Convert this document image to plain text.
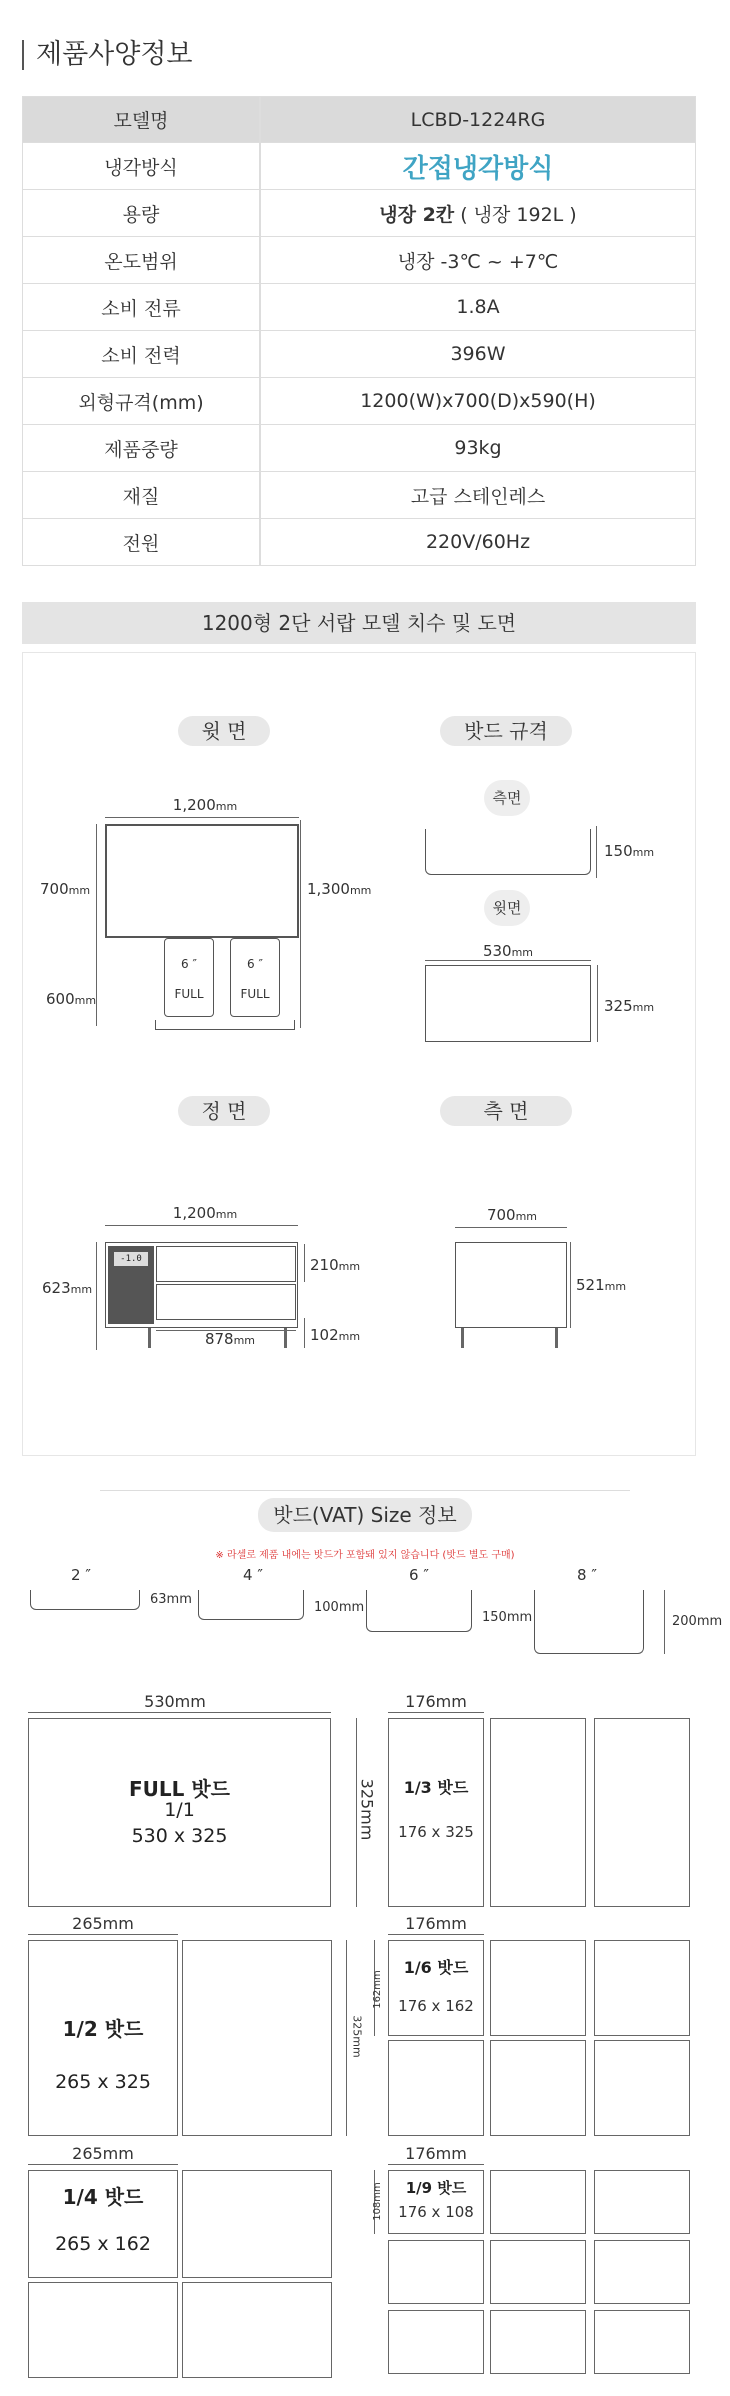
제품사양정보
모델명	LCBD-1224RG
냉각방식	간접냉각방식
용량	냉장 2칸 ( 냉장 192L )
온도범위	냉장 -3℃ ~ +7℃
소비 전류	1.8A
소비 전력	396W
외형규격(mm)	1200(W)x700(D)x590(H)
제품중량	93kg
재질	고급 스테인레스
전원	220V/60Hz
1200형 2단 서랍 모델 치수 및 도면
윗 면
1,200mm
6 ″
FULL
6 ″
FULL
700mm
600mm
1,300mm
밧드 규격
측면
150mm
윗면
530mm
325mm
정 면
1,200mm
-1.0
623mm
210mm
878mm	102mm
측 면
700mm
521mm
밧드(VAT) Size 정보
※ 라셀로 제품 내에는 밧드가 포함돼 있지 않습니다 (밧드 별도 구매)
2 ″
63mm
4 ″
100mm
6 ″
150mm
8 ″
200mm
530mm
FULL 밧드
1/1
530 x 325	325mm
176mm
1/3 밧드
176 x 325
265mm
1/2 밧드
265 x 325
325mm
176mm
1/6 밧드
176 x 162
162mm
265mm
1/4 밧드
265 x 162
176mm
1/9 밧드
176 x 108
108mm
